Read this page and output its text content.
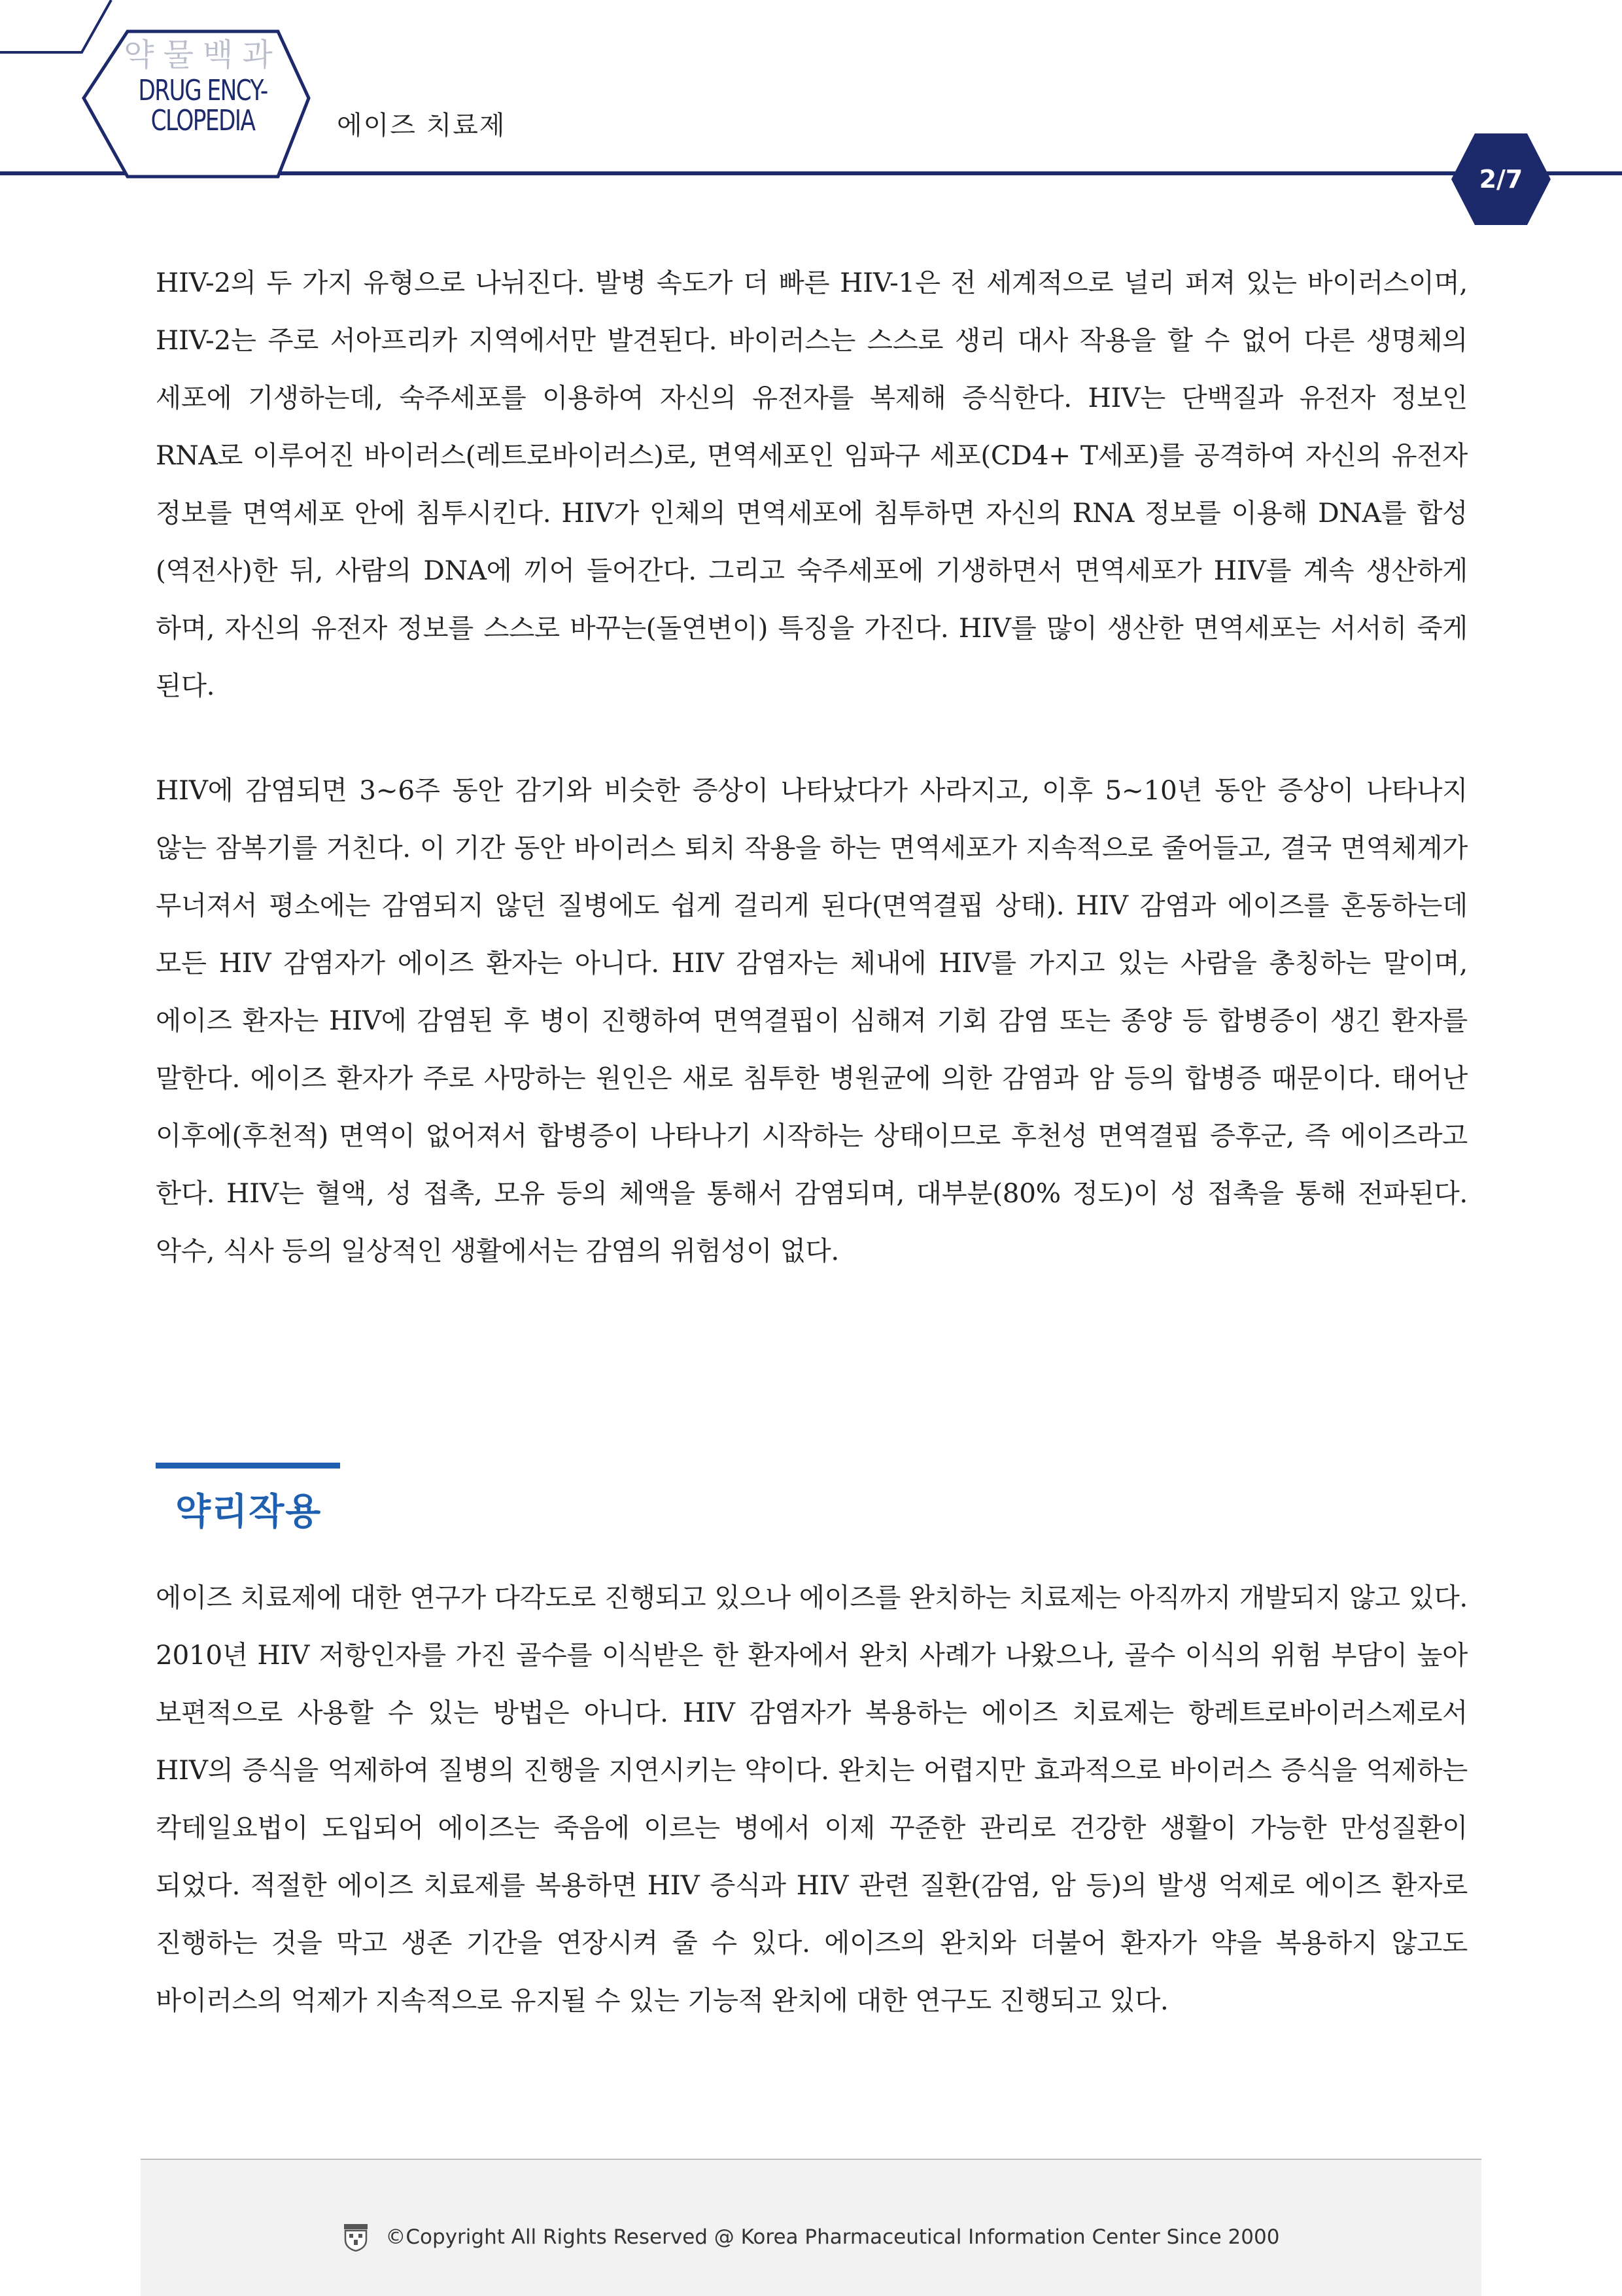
약물백과
DRUG ENCY-
CLOPEDIA	에이즈 치료제
2/7

HIV-2의 두 가지 유형으로 나뉘진다. 발병 속도가 더 빠른 HIV-1은 전 세계적으로 널리 퍼져 있는 바이러스이며, HIV-2는 주로 서아프리카 지역에서만 발견된다. 바이러스는 스스로 생리 대사 작용을 할 수 없어 다른 생명체의 세포에 기생하는데, 숙주세포를 이용하여 자신의 유전자를 복제해 증식한다. HIV는 단백질과 유전자 정보인 RNA로 이루어진 바이러스(레트로바이러스)로, 면역세포인 임파구 세포(CD4+ T세포)를 공격하여 자신의 유전자 정보를 면역세포 안에 침투시킨다. HIV가 인체의 면역세포에 침투하면 자신의 RNA 정보를 이용해 DNA를 합성(역전사)한 뒤, 사람의 DNA에 끼어 들어간다. 그리고 숙주세포에 기생하면서 면역세포가 HIV를 계속 생산하게 하며, 자신의 유전자 정보를 스스로 바꾸는(돌연변이) 특징을 가진다. HIV를 많이 생산한 면역세포는 서서히 죽게 된다.

HIV에 감염되면 3~6주 동안 감기와 비슷한 증상이 나타났다가 사라지고, 이후 5~10년 동안 증상이 나타나지 않는 잠복기를 거친다. 이 기간 동안 바이러스 퇴치 작용을 하는 면역세포가 지속적으로 줄어들고, 결국 면역체계가 무너져서 평소에는 감염되지 않던 질병에도 쉽게 걸리게 된다(면역결핍 상태). HIV 감염과 에이즈를 혼동하는데 모든 HIV 감염자가 에이즈 환자는 아니다. HIV 감염자는 체내에 HIV를 가지고 있는 사람을 총칭하는 말이며, 에이즈 환자는 HIV에 감염된 후 병이 진행하여 면역결핍이 심해져 기회 감염 또는 종양 등 합병증이 생긴 환자를 말한다. 에이즈 환자가 주로 사망하는 원인은 새로 침투한 병원균에 의한 감염과 암 등의 합병증 때문이다. 태어난 이후에(후천적) 면역이 없어져서 합병증이 나타나기 시작하는 상태이므로 후천성 면역결핍 증후군, 즉 에이즈라고 한다. HIV는 혈액, 성 접촉, 모유 등의 체액을 통해서 감염되며, 대부분(80% 정도)이 성 접촉을 통해 전파된다. 악수, 식사 등의 일상적인 생활에서는 감염의 위험성이 없다.

약리작용

에이즈 치료제에 대한 연구가 다각도로 진행되고 있으나 에이즈를 완치하는 치료제는 아직까지 개발되지 않고 있다. 2010년 HIV 저항인자를 가진 골수를 이식받은 한 환자에서 완치 사례가 나왔으나, 골수 이식의 위험 부담이 높아 보편적으로 사용할 수 있는 방법은 아니다. HIV 감염자가 복용하는 에이즈 치료제는 항레트로바이러스제로서 HIV의 증식을 억제하여 질병의 진행을 지연시키는 약이다. 완치는 어렵지만 효과적으로 바이러스 증식을 억제하는 칵테일요법이 도입되어 에이즈는 죽음에 이르는 병에서 이제 꾸준한 관리로 건강한 생활이 가능한 만성질환이 되었다. 적절한 에이즈 치료제를 복용하면 HIV 증식과 HIV 관련 질환(감염, 암 등)의 발생 억제로 에이즈 환자로 진행하는 것을 막고 생존 기간을 연장시켜 줄 수 있다. 에이즈의 완치와 더불어 환자가 약을 복용하지 않고도 바이러스의 억제가 지속적으로 유지될 수 있는 기능적 완치에 대한 연구도 진행되고 있다.

©Copyright All Rights Reserved @ Korea Pharmaceutical Information Center Since 2000
